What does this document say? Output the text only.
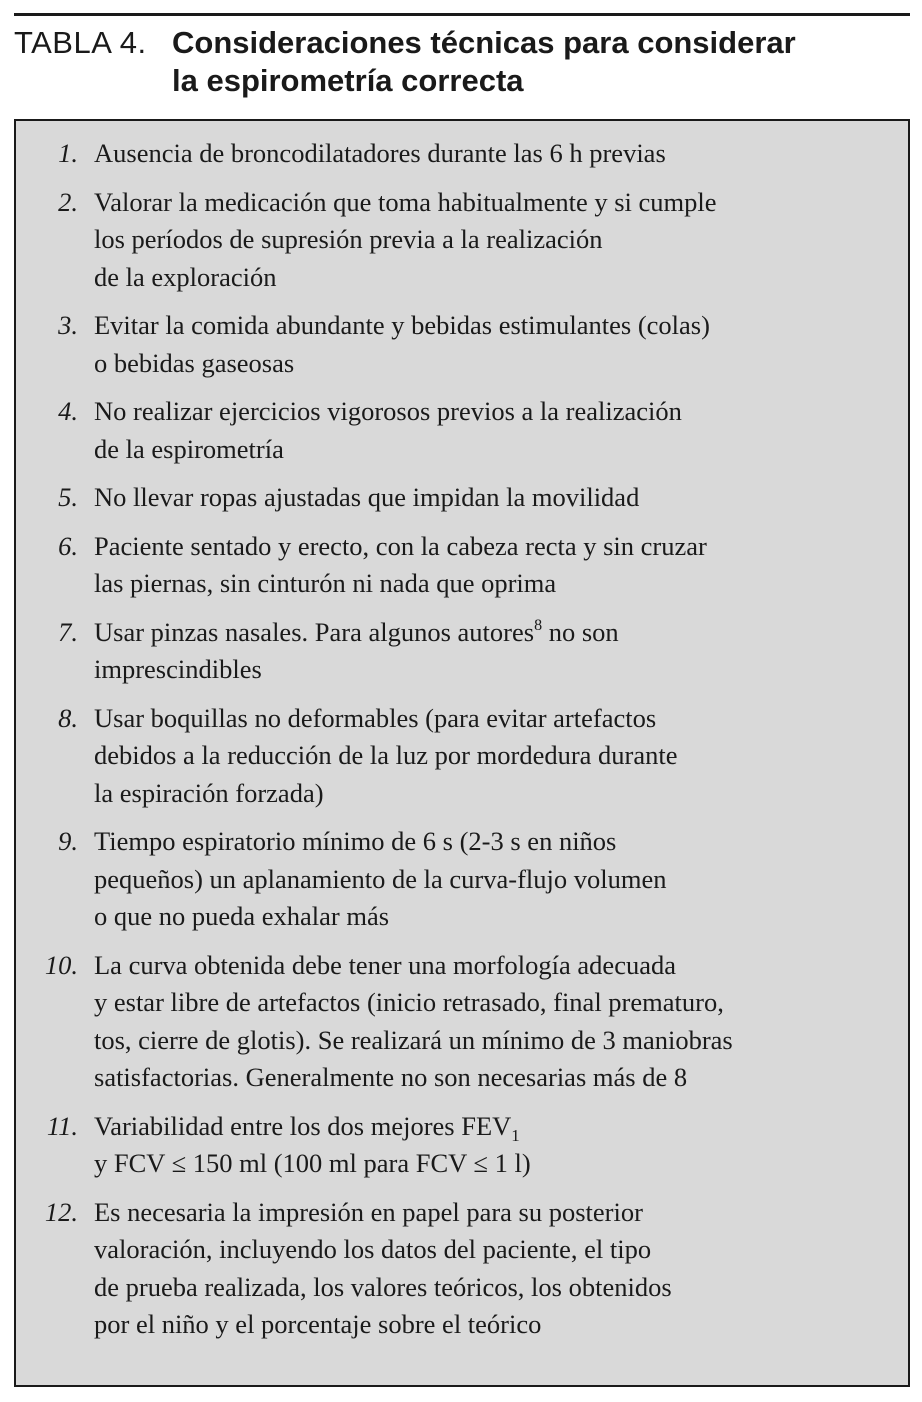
TABLA 4. Consideraciones técnicas para considerar
la espirometría correcta
1. Ausencia de broncodilatadores durante las 6 h previas
2. Valorar la medicación que toma habitualmente y si cumple
los períodos de supresión previa a la realización
de la exploración
3. Evitar la comida abundante y bebidas estimulantes (colas)
o bebidas gaseosas
4. No realizar ejercicios vigorosos previos a la realización
de la espirometría
5. No llevar ropas ajustadas que impidan la movilidad
6. Paciente sentado y erecto, con la cabeza recta y sin cruzar
las piernas, sin cinturón ni nada que oprima
7. Usar pinzas nasales. Para algunos autores$^8$ no son
imprescindibles
8. Usar boquillas no deformables (para evitar artefactos
debidos a la reducción de la luz por mordedura durante
la espiración forzada)
9. Tiempo espiratorio mínimo de 6 s (2-3 s en niños
pequeños) un aplanamiento de la curva-flujo volumen
o que no pueda exhalar más
10. La curva obtenida debe tener una morfología adecuada
y estar libre de artefactos (inicio retrasado, final prematuro,
tos, cierre de glotis). Se realizará un mínimo de 3 maniobras
satisfactorias. Generalmente no son necesarias más de 8
11. Variabilidad entre los dos mejores $FEV_1$
y FCV ≤ 150 ml (100 ml para FCV ≤ 1 l)
12. Es necesaria la impresión en papel para su posterior
valoración, incluyendo los datos del paciente, el tipo
de prueba realizada, los valores teóricos, los obtenidos
por el niño y el porcentaje sobre el teórico
